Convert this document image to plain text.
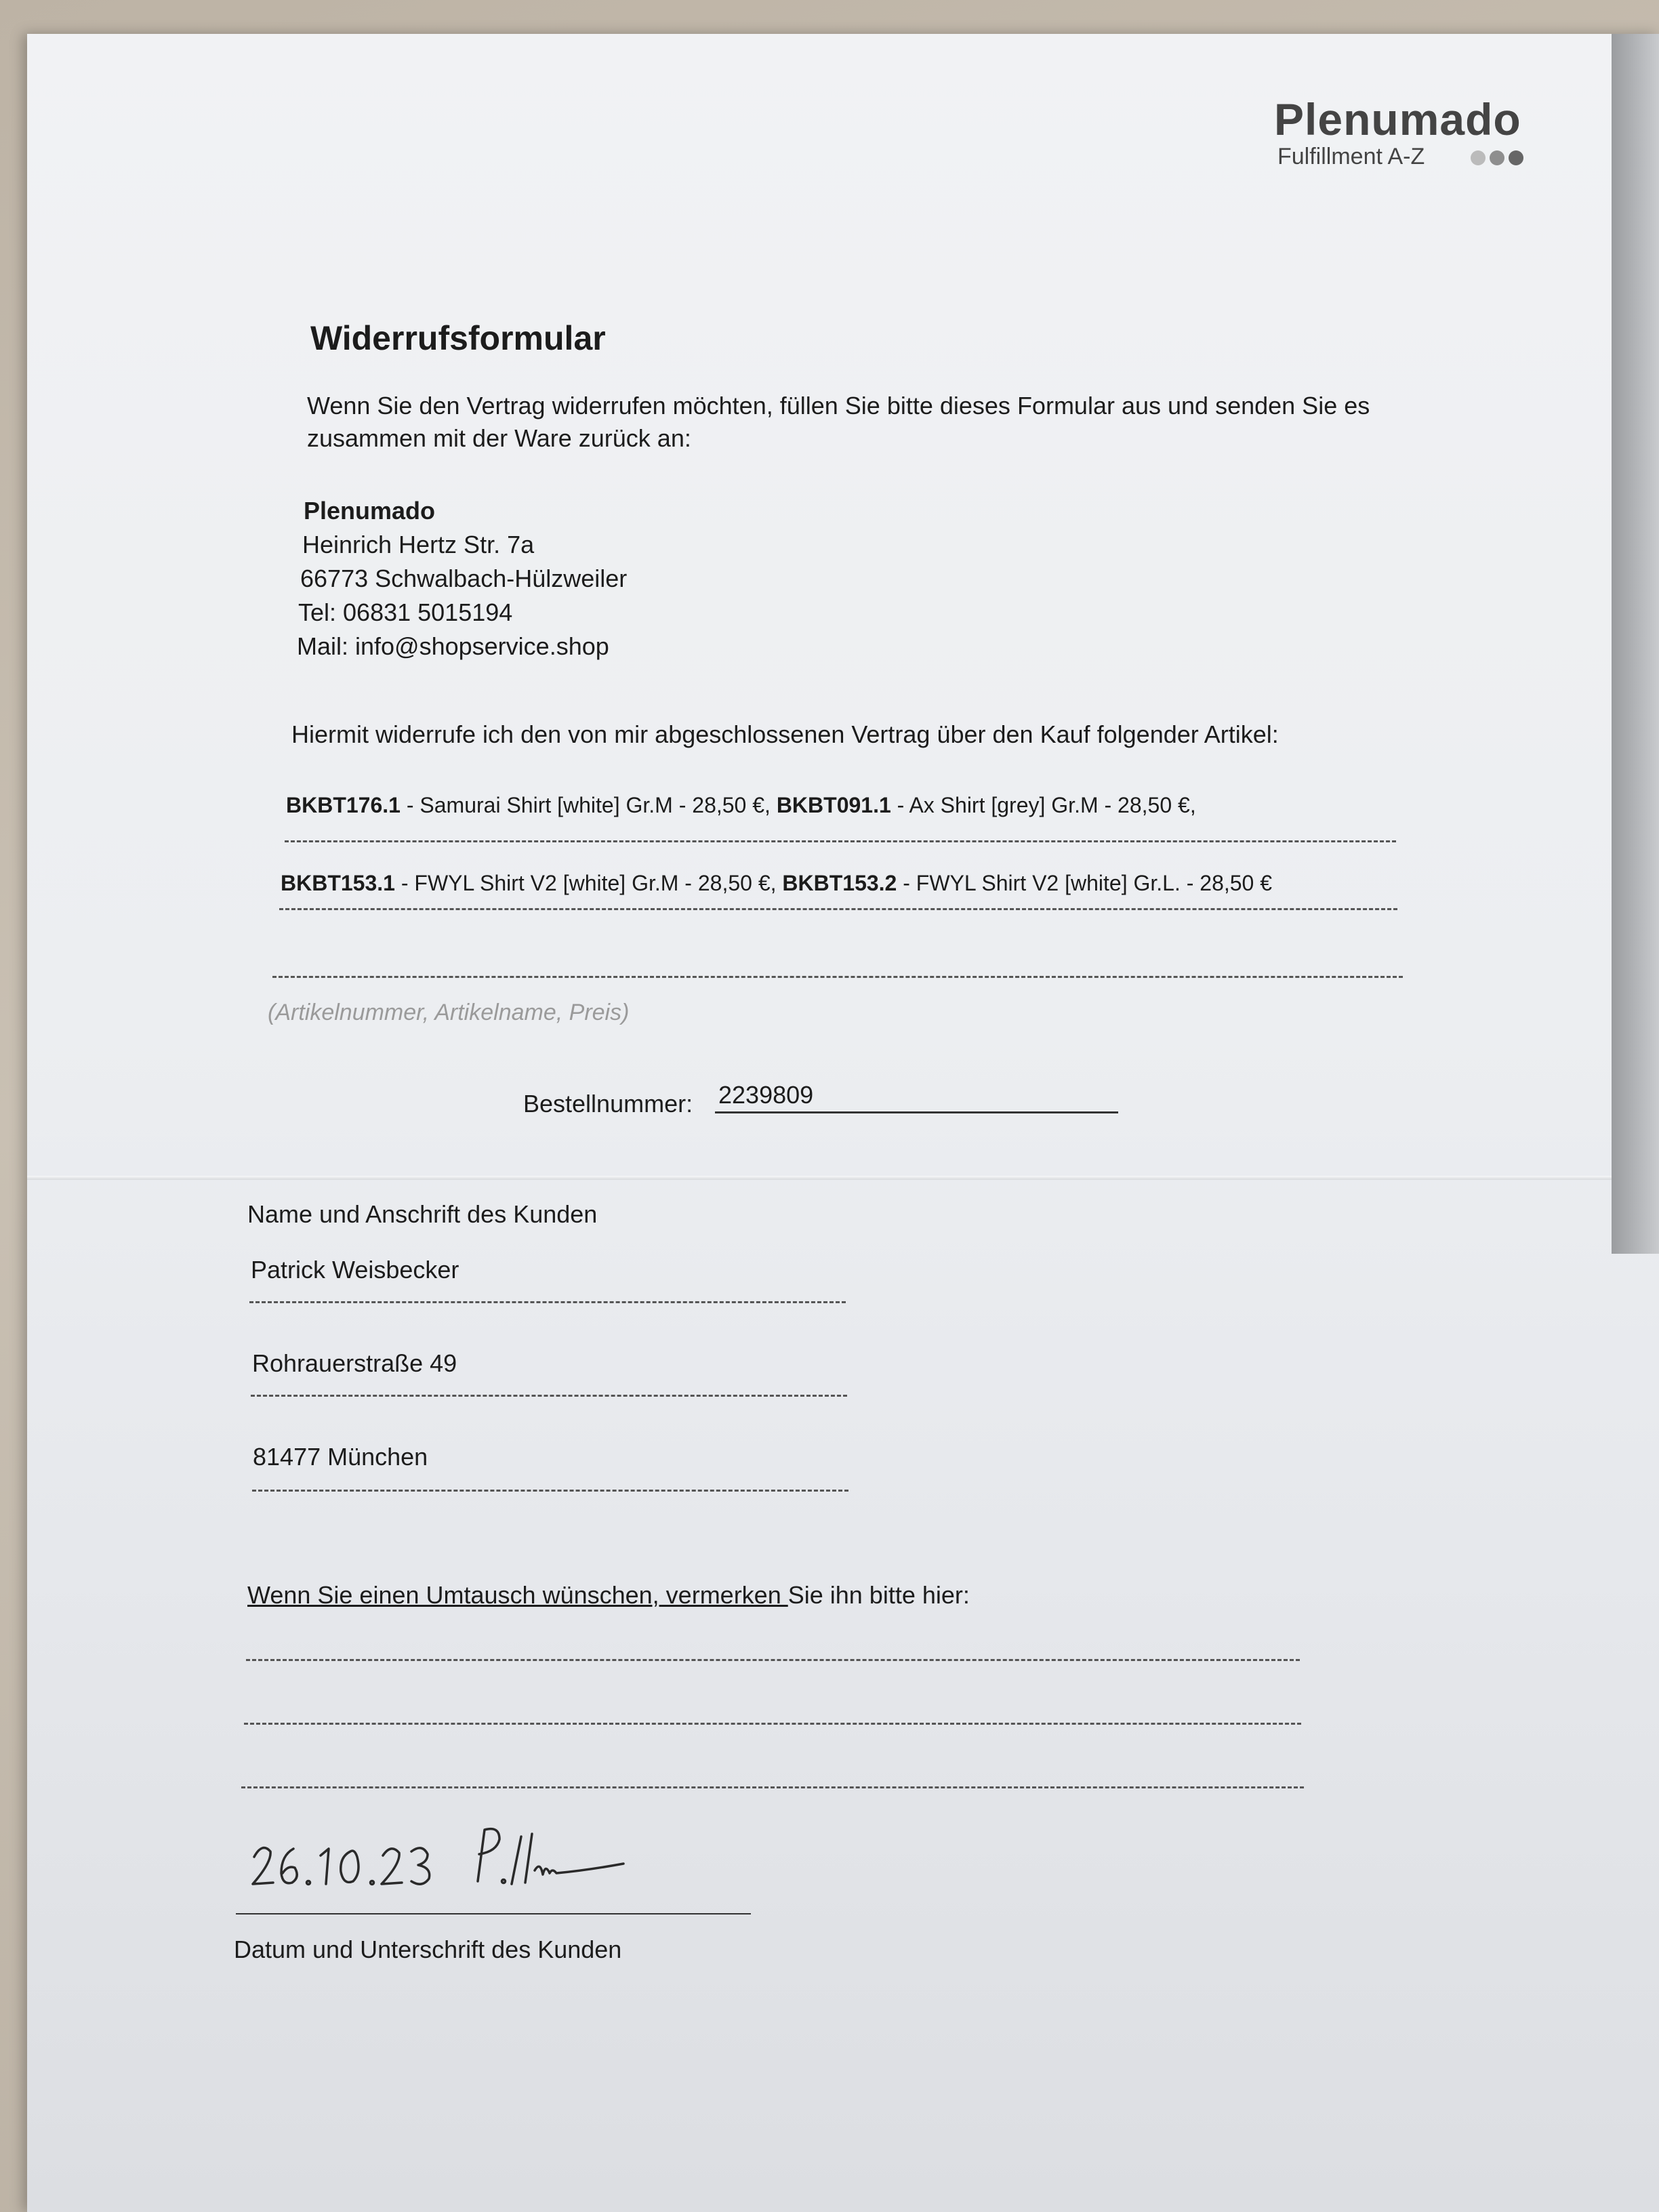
Plenumado
Fulfillment A-Z
Widerrufsformular
Wenn Sie den Vertrag widerrufen möchten, füllen Sie bitte dieses Formular aus und senden Sie es
zusammen mit der Ware zurück an:
Plenumado
Heinrich Hertz Str. 7a
66773 Schwalbach-Hülzweiler
Tel: 06831 5015194
Mail: info@shopservice.shop
Hiermit widerrufe ich den von mir abgeschlossenen Vertrag über den Kauf folgender Artikel:
BKBT176.1 - Samurai Shirt [white] Gr.M - 28,50 €, BKBT091.1 - Ax Shirt [grey] Gr.M - 28,50 €,
BKBT153.1 - FWYL Shirt V2 [white] Gr.M - 28,50 €, BKBT153.2 - FWYL Shirt V2 [white] Gr.L. - 28,50 €
(Artikelnummer, Artikelname, Preis)
Bestellnummer: 2239809
Name und Anschrift des Kunden
Patrick Weisbecker
Rohrauerstraße 49
81477 München
Wenn Sie einen Umtausch wünschen, vermerken Sie ihn bitte hier:
Datum und Unterschrift des Kunden
